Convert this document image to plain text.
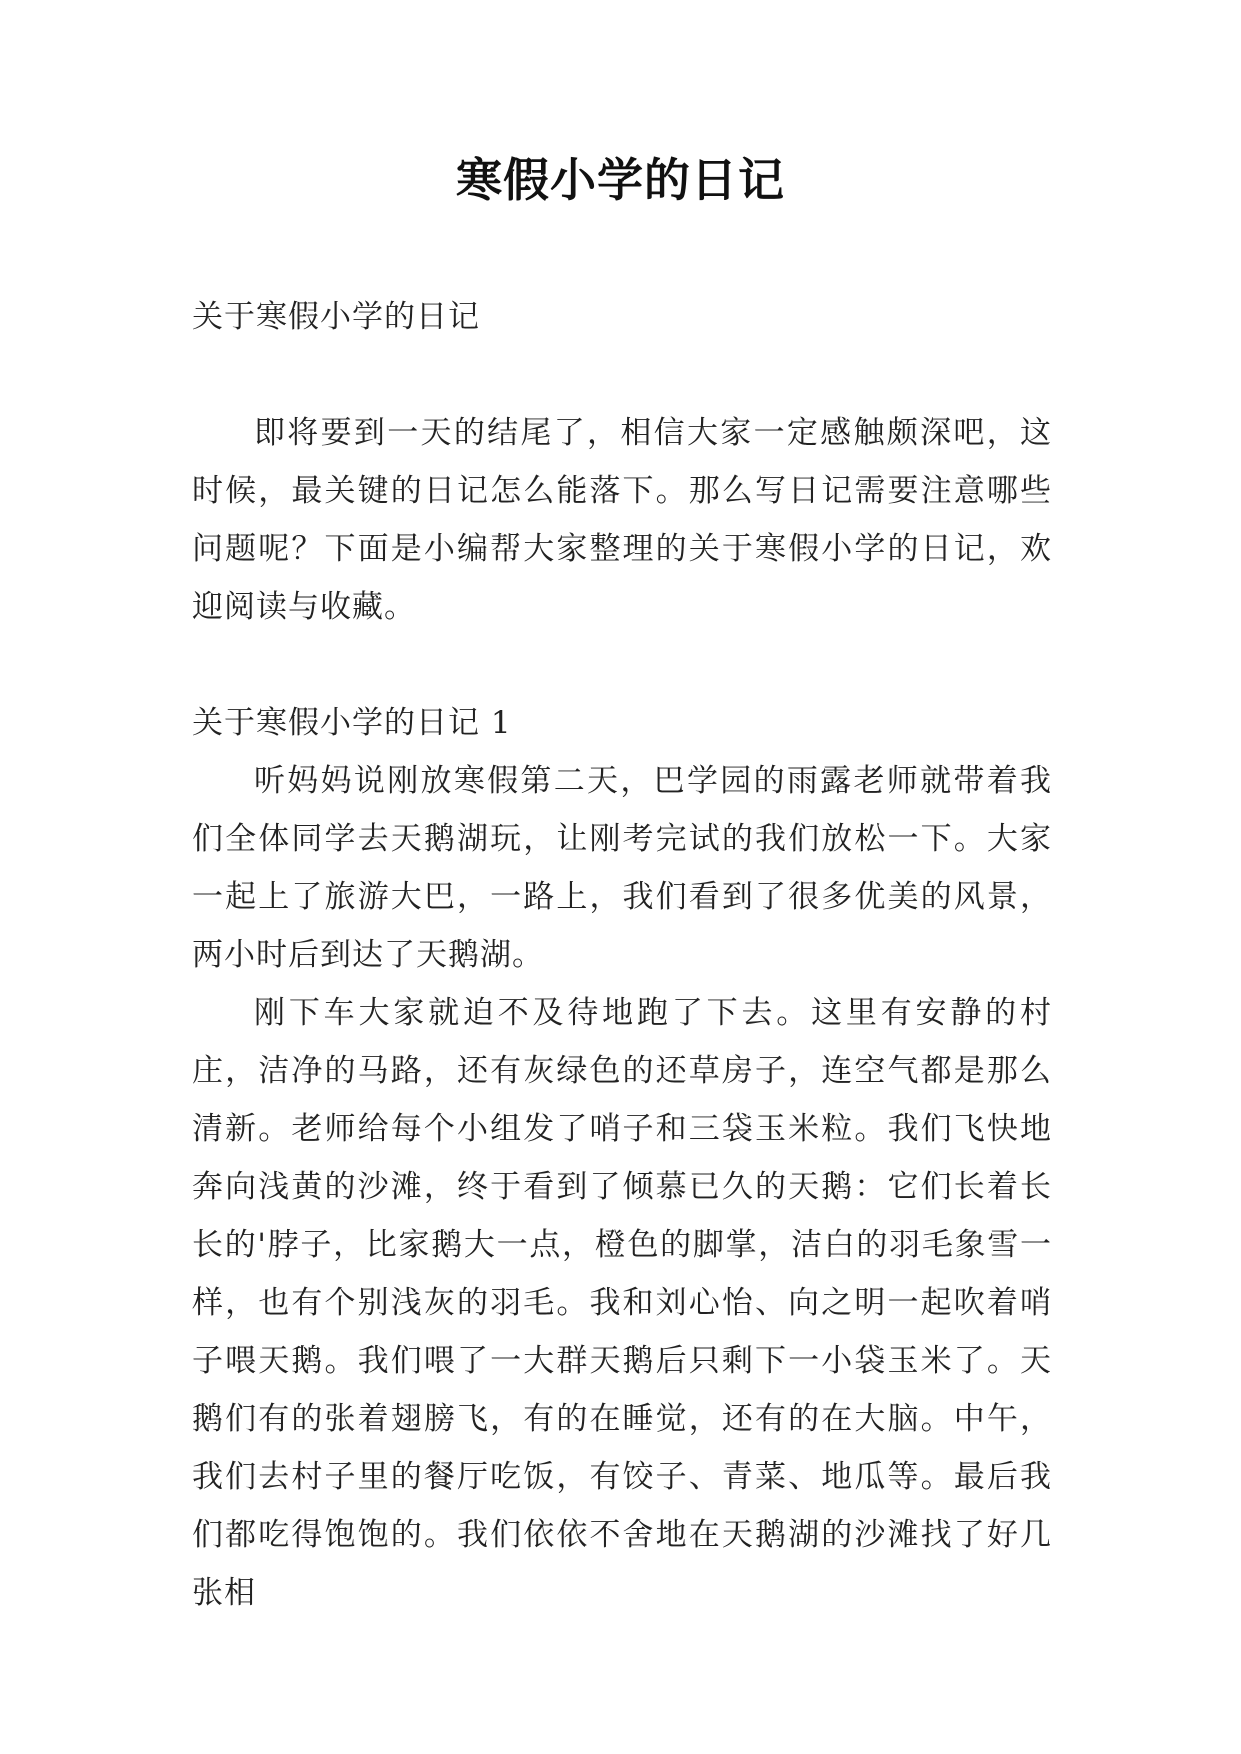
寒假小学的日记

关于寒假小学的日记

即将要到一天的结尾了，相信大家一定感触颇深吧，这时候，最关键的日记怎么能落下。那么写日记需要注意哪些问题呢？下面是小编帮大家整理的关于寒假小学的日记，欢迎阅读与收藏。

关于寒假小学的日记 1

听妈妈说刚放寒假第二天，巴学园的雨露老师就带着我们全体同学去天鹅湖玩，让刚考完试的我们放松一下。大家一起上了旅游大巴，一路上，我们看到了很多优美的风景，两小时后到达了天鹅湖。

刚下车大家就迫不及待地跑了下去。这里有安静的村庄，洁净的马路，还有灰绿色的还草房子，连空气都是那么清新。老师给每个小组发了哨子和三袋玉米粒。我们飞快地奔向浅黄的沙滩，终于看到了倾慕已久的天鹅：它们长着长长的'脖子，比家鹅大一点，橙色的脚掌，洁白的羽毛象雪一样，也有个别浅灰的羽毛。我和刘心怡、向之明一起吹着哨子喂天鹅。我们喂了一大群天鹅后只剩下一小袋玉米了。天鹅们有的张着翅膀飞，有的在睡觉，还有的在大脑。中午，我们去村子里的餐厅吃饭，有饺子、青菜、地瓜等。最后我们都吃得饱饱的。我们依依不舍地在天鹅湖的沙滩找了好几张相
